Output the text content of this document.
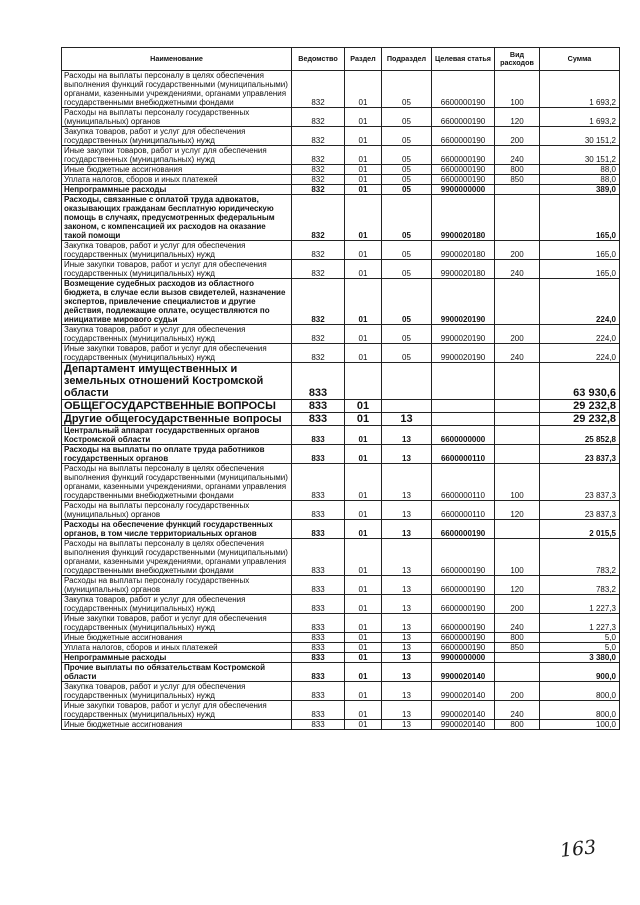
Наименование	Ведомство	Раздел	Подраздел	Целевая статья	Вид расходов	Сумма
Расходы на выплаты персоналу в целях обеспечения выполнения функций государственными (муниципальными) органами, казенными учреждениями, органами управления государственными внебюджетными фондами	832	01	05	6600000190	100	1 693,2
Расходы на выплаты персоналу государственных (муниципальных) органов	832	01	05	6600000190	120	1 693,2
Закупка товаров, работ и услуг для обеспечения государственных (муниципальных) нужд	832	01	05	6600000190	200	30 151,2
Иные закупки товаров, работ и услуг для обеспечения государственных (муниципальных) нужд	832	01	05	6600000190	240	30 151,2
Иные бюджетные ассигнования	832	01	05	6600000190	800	88,0
Уплата налогов, сборов и иных платежей	832	01	05	6600000190	850	88,0
Непрограммные расходы	832	01	05	9900000000		389,0
Расходы, связанные с оплатой труда адвокатов, оказывающих гражданам бесплатную юридическую помощь в случаях, предусмотренных федеральным законом, с компенсацией их расходов на оказание такой помощи	832	01	05	9900020180		165,0
Закупка товаров, работ и услуг для обеспечения государственных (муниципальных) нужд	832	01	05	9900020180	200	165,0
Иные закупки товаров, работ и услуг для обеспечения государственных (муниципальных) нужд	832	01	05	9900020180	240	165,0
Возмещение судебных расходов из областного бюджета, в случае если вызов свидетелей, назначение экспертов, привлечение специалистов и другие действия, подлежащие оплате, осуществляются по инициативе мирового судьи	832	01	05	9900020190		224,0
Закупка товаров, работ и услуг для обеспечения государственных (муниципальных) нужд	832	01	05	9900020190	200	224,0
Иные закупки товаров, работ и услуг для обеспечения государственных (муниципальных) нужд	832	01	05	9900020190	240	224,0
Департамент имущественных и земельных отношений Костромской области	833					63 930,6
ОБЩЕГОСУДАРСТВЕННЫЕ ВОПРОСЫ	833	01				29 232,8
Другие общегосударственные вопросы	833	01	13			29 232,8
Центральный аппарат государственных органов Костромской области	833	01	13	6600000000		25 852,8
Расходы на выплаты по оплате труда работников государственных органов	833	01	13	6600000110		23 837,3
Расходы на выплаты персоналу в целях обеспечения выполнения функций государственными (муниципальными) органами, казенными учреждениями, органами управления государственными внебюджетными фондами	833	01	13	6600000110	100	23 837,3
Расходы на выплаты персоналу государственных (муниципальных) органов	833	01	13	6600000110	120	23 837,3
Расходы на обеспечение функций государственных органов, в том числе территориальных органов	833	01	13	6600000190		2 015,5
Расходы на выплаты персоналу в целях обеспечения выполнения функций государственными (муниципальными) органами, казенными учреждениями, органами управления государственными внебюджетными фондами	833	01	13	6600000190	100	783,2
Расходы на выплаты персоналу государственных (муниципальных) органов	833	01	13	6600000190	120	783,2
Закупка товаров, работ и услуг для обеспечения государственных (муниципальных) нужд	833	01	13	6600000190	200	1 227,3
Иные закупки товаров, работ и услуг для обеспечения государственных (муниципальных) нужд	833	01	13	6600000190	240	1 227,3
Иные бюджетные ассигнования	833	01	13	6600000190	800	5,0
Уплата налогов, сборов и иных платежей	833	01	13	6600000190	850	5,0
Непрограммные расходы	833	01	13	9900000000		3 380,0
Прочие выплаты по обязательствам Костромской области	833	01	13	9900020140		900,0
Закупка товаров, работ и услуг для обеспечения государственных (муниципальных) нужд	833	01	13	9900020140	200	800,0
Иные закупки товаров, работ и услуг для обеспечения государственных (муниципальных) нужд	833	01	13	9900020140	240	800,0
Иные бюджетные ассигнования	833	01	13	9900020140	800	100,0
163
